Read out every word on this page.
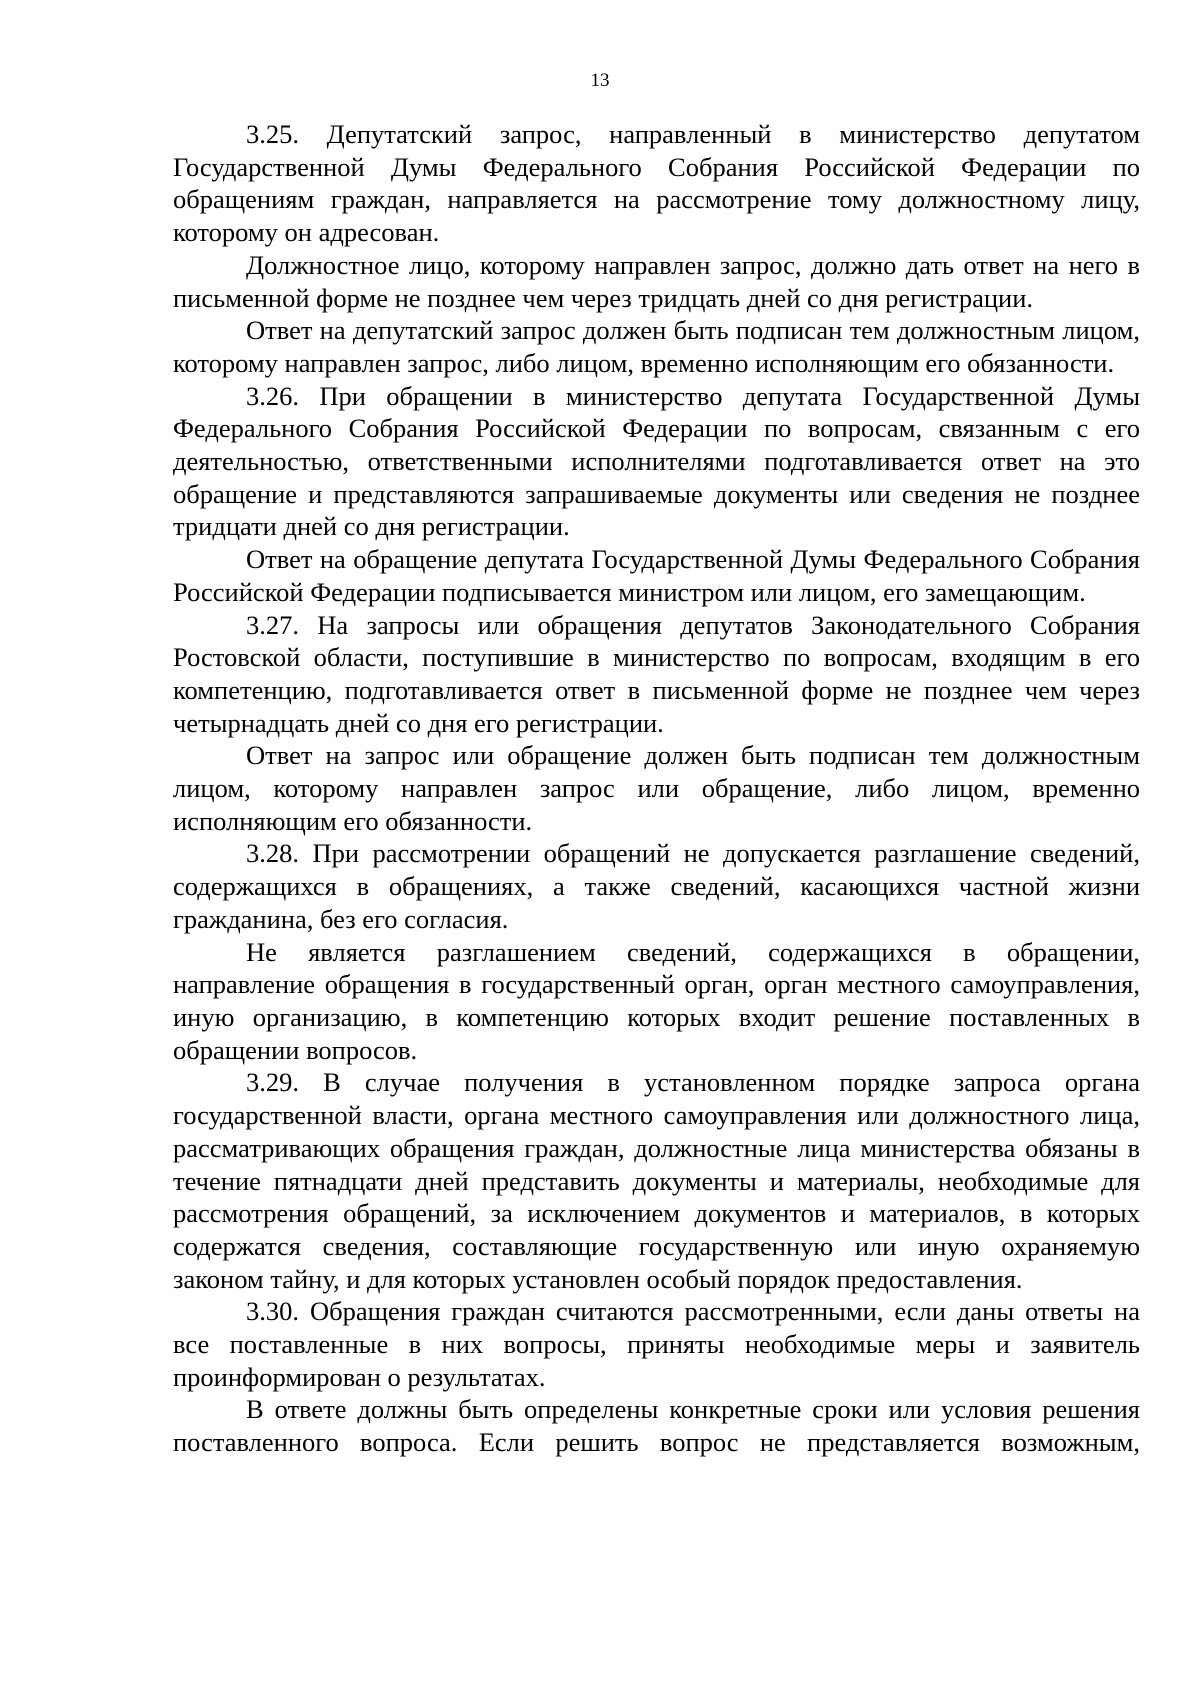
13

3.25. Депутатский запрос, направленный в министерство депутатом Государственной Думы Федерального Собрания Российской Федерации по обращениям граждан, направляется на рассмотрение тому должностному лицу, которому он адресован.

Должностное лицо, которому направлен запрос, должно дать ответ на него в письменной форме не позднее чем через тридцать дней со дня регистрации.

Ответ на депутатский запрос должен быть подписан тем должностным лицом, которому направлен запрос, либо лицом, временно исполняющим его обязанности.

3.26. При обращении в министерство депутата Государственной Думы Федерального Собрания Российской Федерации по вопросам, связанным с его деятельностью, ответственными исполнителями подготавливается ответ на это обращение и представляются запрашиваемые документы или сведения не позднее тридцати дней со дня регистрации.

Ответ на обращение депутата Государственной Думы Федерального Собрания Российской Федерации подписывается министром или лицом, его замещающим.

3.27. На запросы или обращения депутатов Законодательного Собрания Ростовской области, поступившие в министерство по вопросам, входящим в его компетенцию, подготавливается ответ в письменной форме не позднее чем через четырнадцать дней со дня его регистрации.

Ответ на запрос или обращение должен быть подписан тем должностным лицом, которому направлен запрос или обращение, либо лицом, временно исполняющим его обязанности.

3.28. При рассмотрении обращений не допускается разглашение сведений, содержащихся в обращениях, а также сведений, касающихся частной жизни гражданина, без его согласия.

Не является разглашением сведений, содержащихся в обращении, направление обращения в государственный орган, орган местного самоуправления, иную организацию, в компетенцию которых входит решение поставленных в обращении вопросов.

3.29. В случае получения в установленном порядке запроса органа государственной власти, органа местного самоуправления или должностного лица, рассматривающих обращения граждан, должностные лица министерства обязаны в течение пятнадцати дней представить документы и материалы, необходимые для рассмотрения обращений, за исключением документов и материалов, в которых содержатся сведения, составляющие государственную или иную охраняемую законом тайну, и для которых установлен особый порядок предоставления.

3.30. Обращения граждан считаются рассмотренными, если даны ответы на все поставленные в них вопросы, приняты необходимые меры и заявитель проинформирован о результатах.

В ответе должны быть определены конкретные сроки или условия решения поставленного вопроса. Если решить вопрос не представляется возможным,
